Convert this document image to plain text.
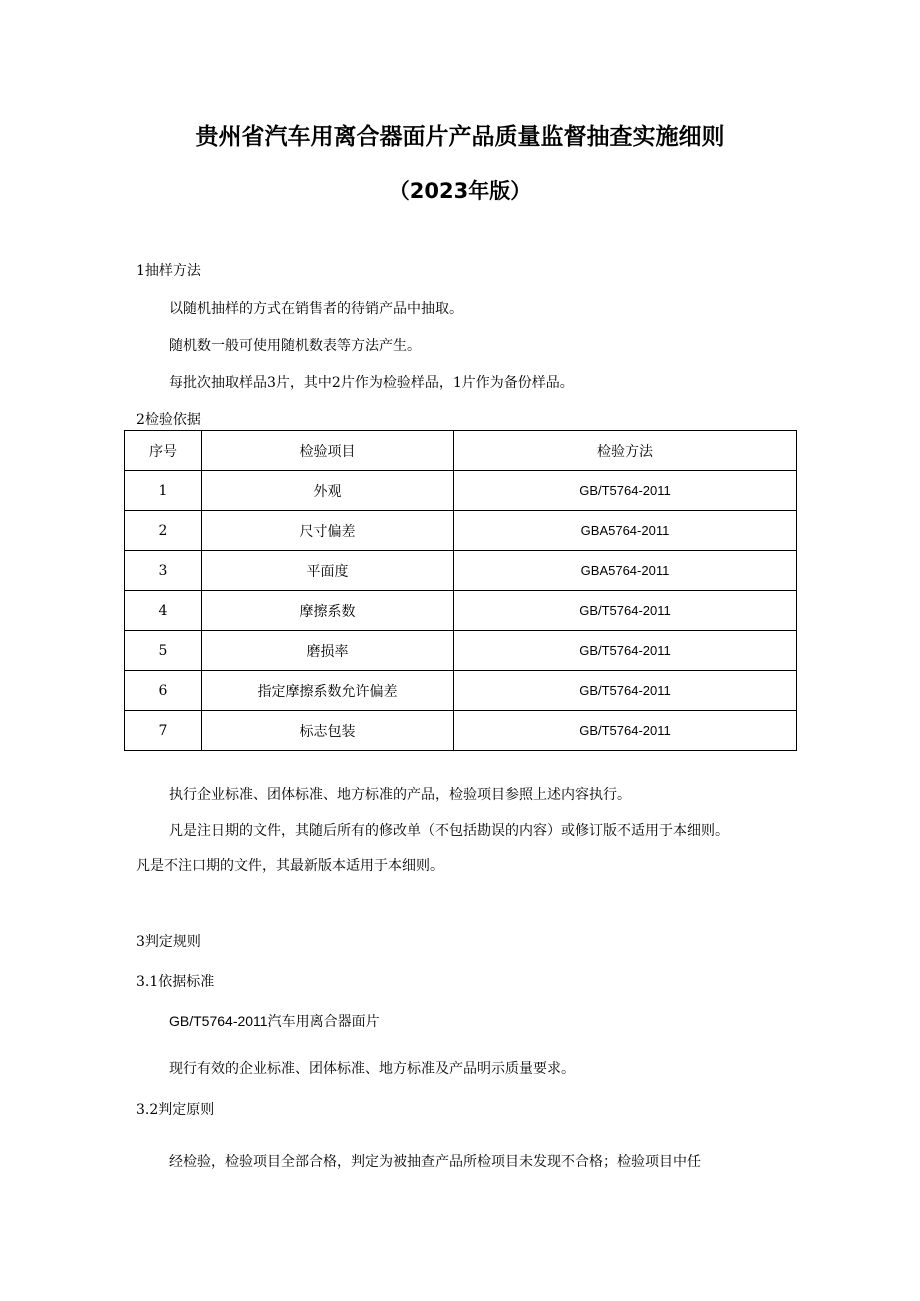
贵州省汽车用离合器面片产品质量监督抽查实施细则
（2023年版）
1抽样方法
以随机抽样的方式在销售者的待销产品中抽取。
随机数一般可使用随机数表等方法产生。
每批次抽取样品3片，其中2片作为检验样品，1片作为备份样品。
2检验依据
序号	检验项目	检验方法
1	外观	GB/T5764-2011
2	尺寸偏差	GBA5764-2011
3	平面度	GBA5764-2011
4	摩擦系数	GB/T5764-2011
5	磨损率	GB/T5764-2011
6	指定摩擦系数允许偏差	GB/T5764-2011
7	标志包装	GB/T5764-2011
执行企业标准、团体标准、地方标准的产品，检验项目参照上述内容执行。
凡是注日期的文件，其随后所有的修改单（不包括勘误的内容）或修订版不适用于本细则。
凡是不注口期的文件，其最新版本适用于本细则。
3判定规则
3.1依据标准
GB/T5764-2011汽车用离合器面片
现行有效的企业标准、团体标准、地方标准及产品明示质量要求。
3.2判定原则
经检验，检验项目全部合格，判定为被抽查产品所检项目未发现不合格；检验项目中任
